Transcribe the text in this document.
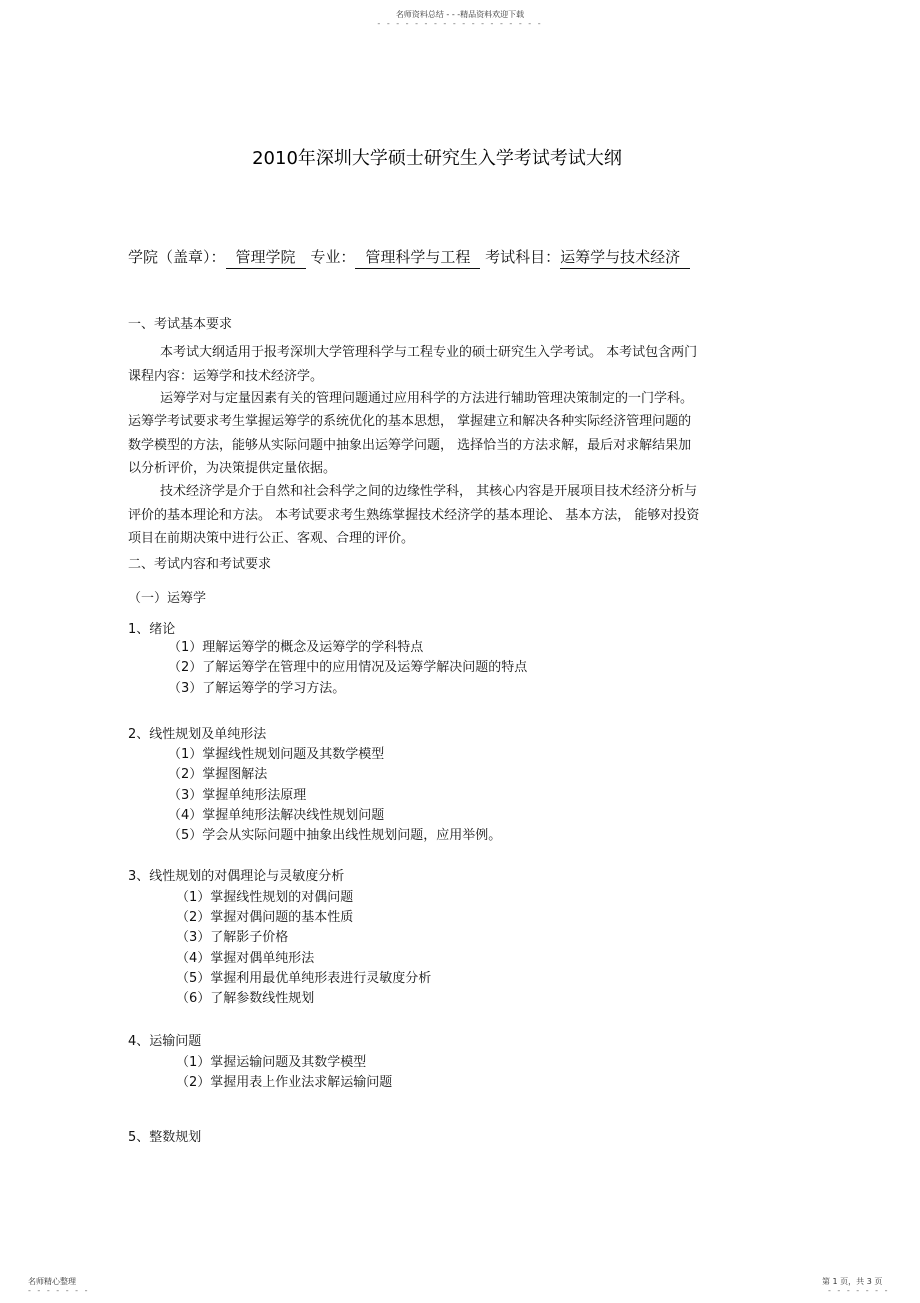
名师资料总结 - - -精品资料欢迎下载
- - - - - - - - - - - - - - - - - -
2010年深圳大学硕士研究生入学考试考试大纲
学院（盖章）： 管理学院 专业： 管理科学与工程 考试科目：运筹学与技术经济
一、考试基本要求
本考试大纲适用于报考深圳大学管理科学与工程专业的硕士研究生入学考试。 本考试包含两门
课程内容：运筹学和技术经济学。
运筹学对与定量因素有关的管理问题通过应用科学的方法进行辅助管理决策制定的一门学科。
运筹学考试要求考生掌握运筹学的系统优化的基本思想， 掌握建立和解决各种实际经济管理问题的
数学模型的方法，能够从实际问题中抽象出运筹学问题， 选择恰当的方法求解，最后对求解结果加
以分析评价，为决策提供定量依据。
技术经济学是介于自然和社会科学之间的边缘性学科， 其核心内容是开展项目技术经济分析与
评价的基本理论和方法。 本考试要求考生熟练掌握技术经济学的基本理论、 基本方法， 能够对投资
项目在前期决策中进行公正、客观、合理的评价。
二、考试内容和考试要求
（一）运筹学
1、绪论
（1）理解运筹学的概念及运筹学的学科特点
（2）了解运筹学在管理中的应用情况及运筹学解决问题的特点
（3）了解运筹学的学习方法。
2、线性规划及单纯形法
（1）掌握线性规划问题及其数学模型
（2）掌握图解法
（3）掌握单纯形法原理
（4）掌握单纯形法解决线性规划问题
（5）学会从实际问题中抽象出线性规划问题，应用举例。
3、线性规划的对偶理论与灵敏度分析
（1）掌握线性规划的对偶问题
（2）掌握对偶问题的基本性质
（3）了解影子价格
（4）掌握对偶单纯形法
（5）掌握利用最优单纯形表进行灵敏度分析
（6）了解参数线性规划
4、运输问题
（1）掌握运输问题及其数学模型
（2）掌握用表上作业法求解运输问题
5、整数规划
名师精心整理
- - - - - - -
第 1 页，共 3 页
- - - - - - -
